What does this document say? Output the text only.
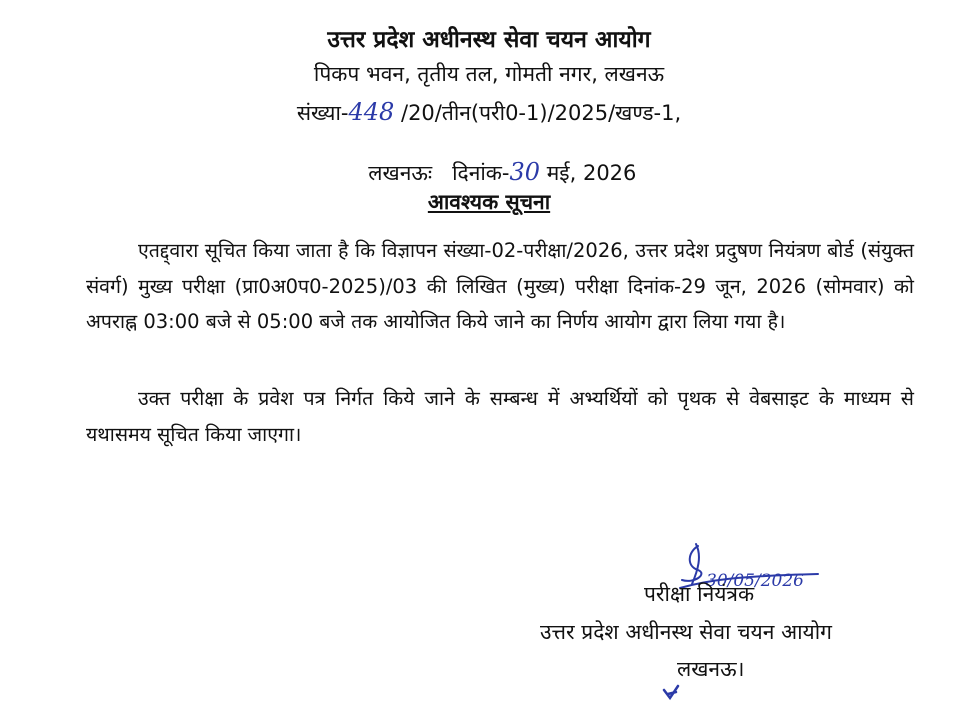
उत्तर प्रदेश अधीनस्थ सेवा चयन आयोग
पिकप भवन, तृतीय तल, गोमती नगर, लखनऊ
संख्या-448 /20/तीन(परी0-1)/2025/खण्ड-1,

लखनऊः   दिनांक-30 मई, 2026

आवश्यक सूचना

एतद्द्वारा सूचित किया जाता है कि विज्ञापन संख्या-02-परीक्षा/2026, उत्तर प्रदेश प्रदुषण नियंत्रण बोर्ड (संयुक्त संवर्ग) मुख्य परीक्षा (प्रा0अ0प0-2025)/03 की लिखित (मुख्य) परीक्षा दिनांक-29 जून, 2026 (सोमवार) को अपराह्न 03:00 बजे से 05:00 बजे तक आयोजित किये जाने का निर्णय आयोग द्वारा लिया गया है।

उक्त परीक्षा के प्रवेश पत्र निर्गत किये जाने के सम्बन्ध में अभ्यर्थियों को पृथक से वेबसाइट के माध्यम से यथासमय सूचित किया जाएगा।

30/05/2026
परीक्षा नियंत्रक
उत्तर प्रदेश अधीनस्थ सेवा चयन आयोग
लखनऊ।
